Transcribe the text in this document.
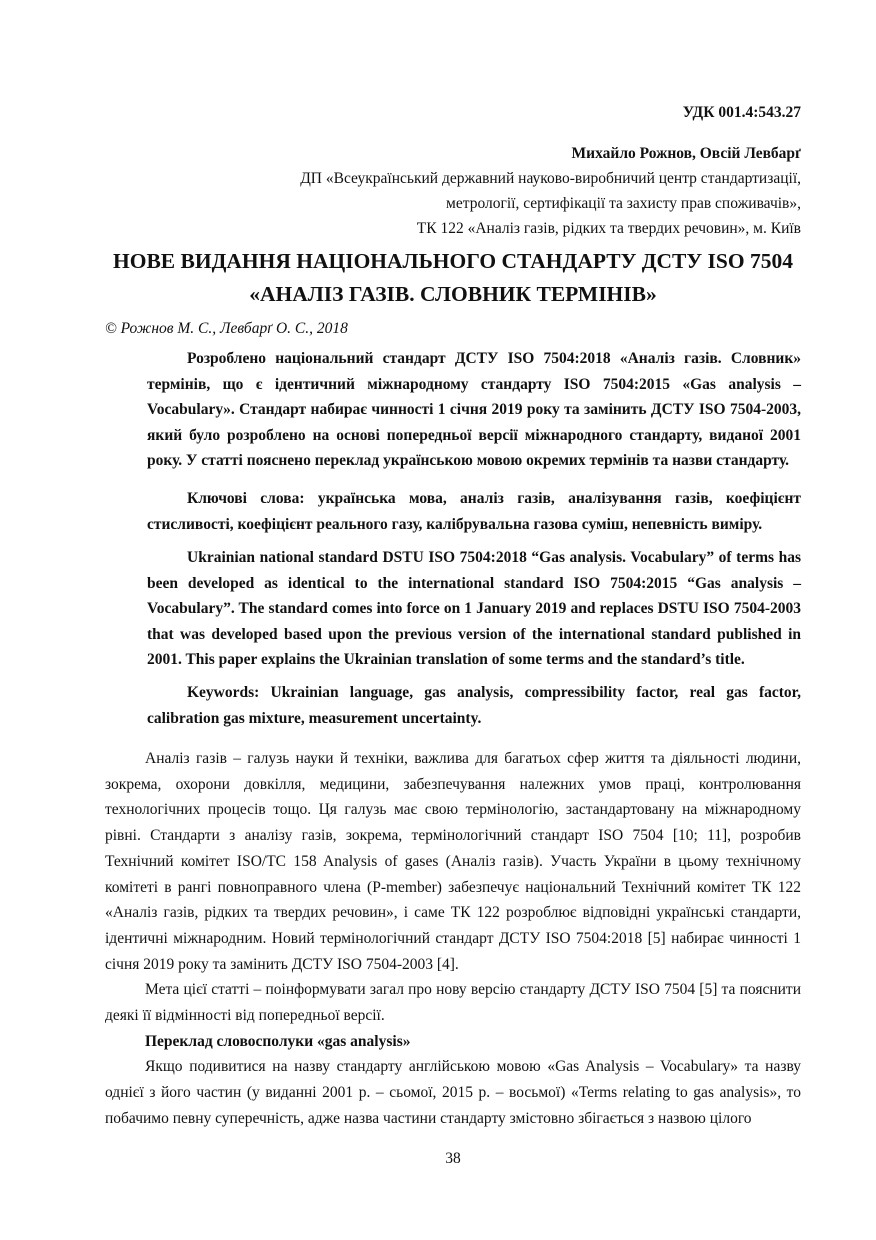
УДК 001.4:543.27
Михайло Рожнов, Овсій Левбарґ
ДП «Всеукраїнський державний науково-виробничий центр стандартизації,
метрології, сертифікації та захисту прав споживачів»,
ТК 122 «Аналіз газів, рідких та твердих речовин», м. Київ
НОВЕ ВИДАННЯ НАЦІОНАЛЬНОГО СТАНДАРТУ ДСТУ ISO 7504
«АНАЛІЗ ГАЗІВ. СЛОВНИК ТЕРМІНІВ»
© Рожнов М. С., Левбарґ О. С., 2018

Розроблено національний стандарт ДСТУ ISO 7504:2018 «Аналіз газів. Словник» термінів, що є ідентичний міжнародному стандарту ISO 7504:2015 «Gas analysis – Vocabulary». Стандарт набирає чинності 1 січня 2019 року та замінить ДСТУ ISO 7504-2003, який було розроблено на основі попередньої версії міжнародного стандарту, виданої 2001 року. У статті пояснено переклад українською мовою окремих термінів та назви стандарту.

Ключові слова: українська мова, аналіз газів, аналізування газів, коефіцієнт стисливості, коефіцієнт реального газу, калібрувальна газова суміш, непевність виміру.

Ukrainian national standard DSTU ISO 7504:2018 “Gas analysis. Vocabulary” of terms has been developed as identical to the international standard ISO 7504:2015 “Gas analysis – Vocabulary”. The standard comes into force on 1 January 2019 and replaces DSTU ISO 7504-2003 that was developed based upon the previous version of the international standard published in 2001. This paper explains the Ukrainian translation of some terms and the standard’s title.

Keywords: Ukrainian language, gas analysis, compressibility factor, real gas factor, calibration gas mixture, measurement uncertainty.

Аналіз газів – галузь науки й техніки, важлива для багатьох сфер життя та діяльності людини, зокрема, охорони довкілля, медицини, забезпечування належних умов праці, контролювання технологічних процесів тощо. Ця галузь має свою термінологію, застандартовану на міжнародному рівні. Стандарти з аналізу газів, зокрема, термінологічний стандарт ISO 7504 [10; 11], розробив Технічний комітет ISO/TC 158 Analysis of gases (Аналіз газів). Участь України в цьому технічному комітеті в рангі повноправного члена (P-member) забезпечує національний Технічний комітет ТК 122 «Аналіз газів, рідких та твердих речовин», і саме ТК 122 розроблює відповідні українські стандарти, ідентичні міжнародним. Новий термінологічний стандарт ДСТУ ISO 7504:2018 [5] набирає чинності 1 січня 2019 року та замінить ДСТУ ISO 7504-2003 [4].

Мета цієї статті – поінформувати загал про нову версію стандарту ДСТУ ISO 7504 [5] та пояснити деякі її відмінності від попередньої версії.

Переклад словосполуки «gas analysis»

Якщо подивитися на назву стандарту англійською мовою «Gas Analysis – Vocabulary» та назву однієї з його частин (у виданні 2001 р. – сьомої, 2015 р. – восьмої) «Terms relating to gas analysis», то побачимо певну суперечність, адже назва частини стандарту змістовно збігається з назвою цілого

38
